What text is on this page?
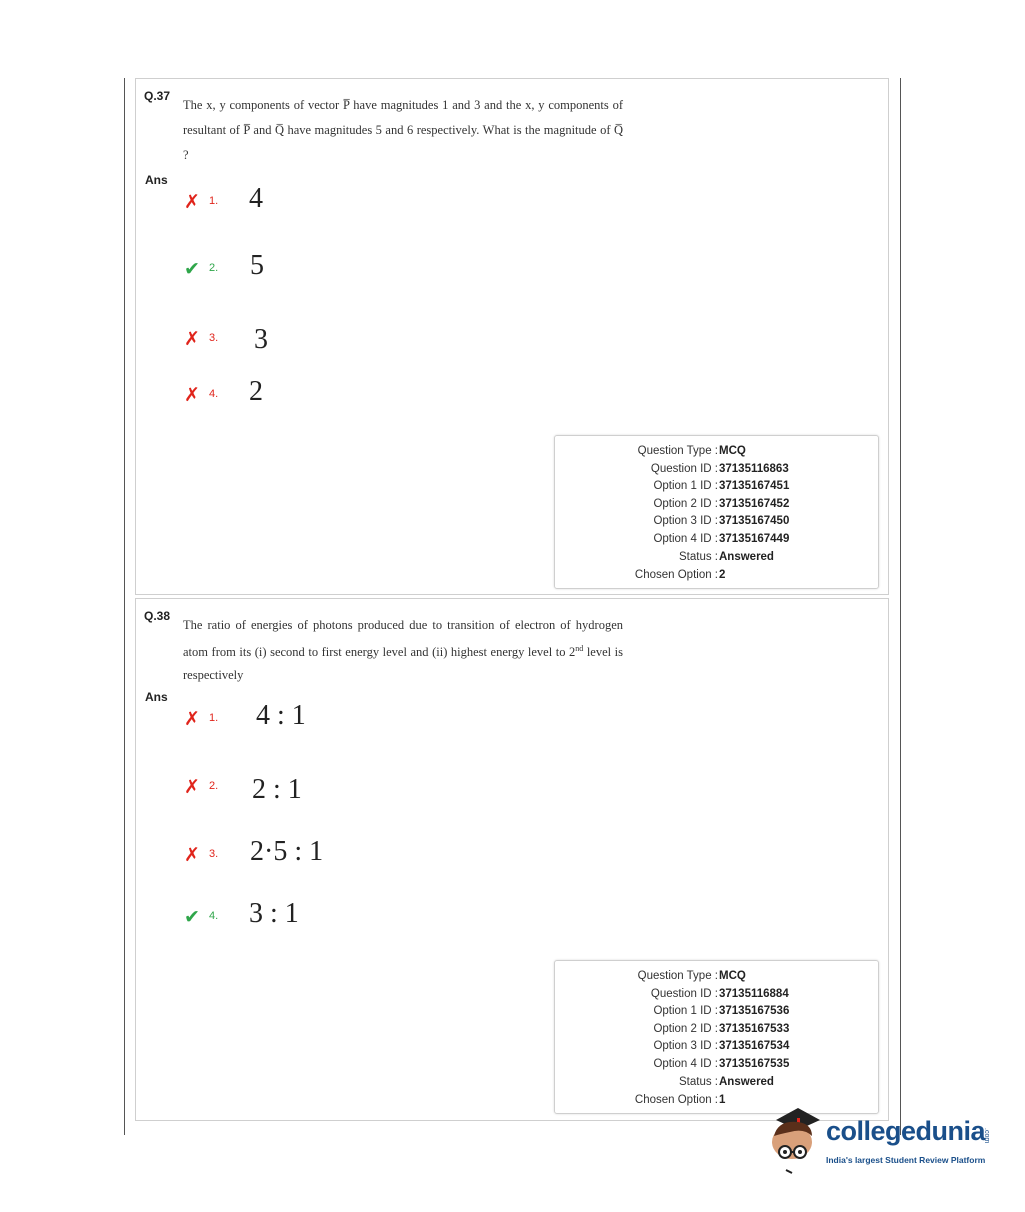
Q.37
The x, y components of vector P̅ have magnitudes 1 and 3 and the x, y components of resultant of P̅ and Q̅ have magnitudes 5 and 6 respectively. What is the magnitude of Q̅ ?
Ans
✗ 1. 4
✔ 2. 5
✗ 3. 3
✗ 4. 2
Question Type : MCQ
Question ID : 37135116863
Option 1 ID : 37135167451
Option 2 ID : 37135167452
Option 3 ID : 37135167450
Option 4 ID : 37135167449
Status : Answered
Chosen Option : 2
Q.38
The ratio of energies of photons produced due to transition of electron of hydrogen atom from its (i) second to first energy level and (ii) highest energy level to 2nd level is respectively
Ans
✗ 1. 4 : 1
✗ 2. 2 : 1
✗ 3. 2·5 : 1
✔ 4. 3 : 1
Question Type : MCQ
Question ID : 37135116884
Option 1 ID : 37135167536
Option 2 ID : 37135167533
Option 3 ID : 37135167534
Option 4 ID : 37135167535
Status : Answered
Chosen Option : 1
collegedunia
.com
India's largest Student Review Platform
